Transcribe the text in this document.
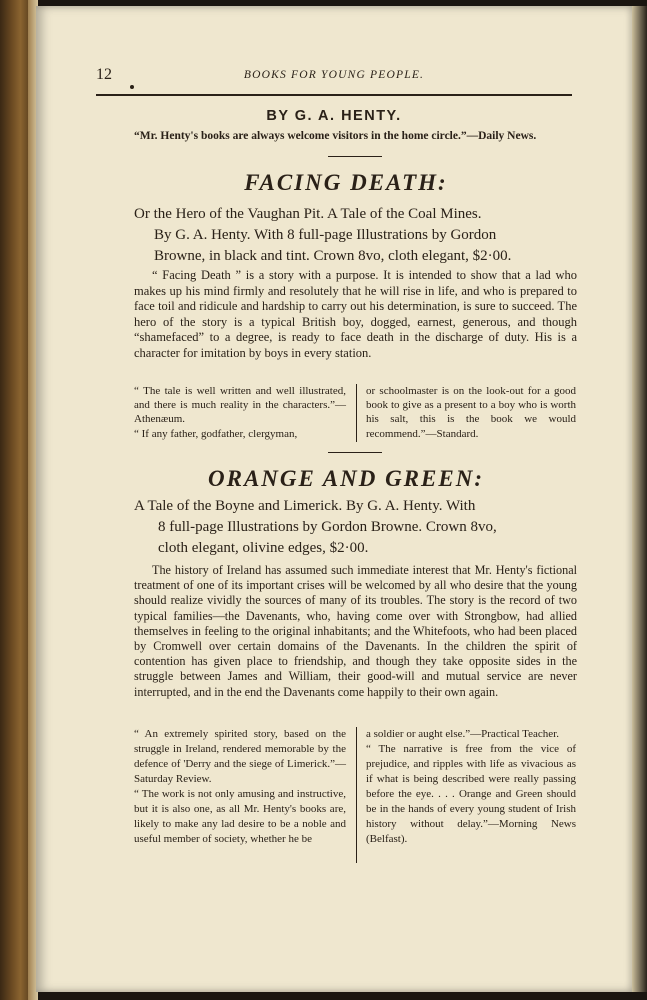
12	BOOKS FOR YOUNG PEOPLE.
BY G. A. HENTY.
“Mr. Henty's books are always welcome visitors in the home circle.”—Daily News.
FACING DEATH:
Or the Hero of the Vaughan Pit. A Tale of the Coal Mines.
By G. A. Henty. With 8 full-page Illustrations by Gordon
Browne, in black and tint. Crown 8vo, cloth elegant, $2·00.
“ Facing Death ” is a story with a purpose. It is intended to show that a lad who makes up his mind firmly and resolutely that he will rise in life, and who is prepared to face toil and ridicule and hardship to carry out his determination, is sure to succeed. The hero of the story is a typical British boy, dogged, earnest, generous, and though “shamefaced” to a degree, is ready to face death in the discharge of duty. His is a character for imitation by boys in every station.
“ The tale is well written and well illustrated, and there is much reality in the characters.”—Athenæum.
“ If any father, godfather, clergyman,
or schoolmaster is on the look-out for a good book to give as a present to a boy who is worth his salt, this is the book we would recommend.”—Standard.
ORANGE AND GREEN:
A Tale of the Boyne and Limerick. By G. A. Henty. With
8 full-page Illustrations by Gordon Browne. Crown 8vo,
cloth elegant, olivine edges, $2·00.
The history of Ireland has assumed such immediate interest that Mr. Henty's fictional treatment of one of its important crises will be welcomed by all who desire that the young should realize vividly the sources of many of its troubles. The story is the record of two typical families—the Davenants, who, having come over with Strongbow, had allied themselves in feeling to the original inhabitants; and the Whitefoots, who had been placed by Cromwell over certain domains of the Davenants. In the children the spirit of contention has given place to friendship, and though they take opposite sides in the struggle between James and William, their good-will and mutual service are never interrupted, and in the end the Davenants come happily to their own again.
“ An extremely spirited story, based on the struggle in Ireland, rendered memorable by the defence of 'Derry and the siege of Limerick.”—Saturday Review.
“ The work is not only amusing and instructive, but it is also one, as all Mr. Henty's books are, likely to make any lad desire to be a noble and useful member of society, whether he be
a soldier or aught else.”—Practical Teacher.
“ The narrative is free from the vice of prejudice, and ripples with life as vivacious as if what is being described were really passing before the eye. . . . Orange and Green should be in the hands of every young student of Irish history without delay.”—Morning News (Belfast).
